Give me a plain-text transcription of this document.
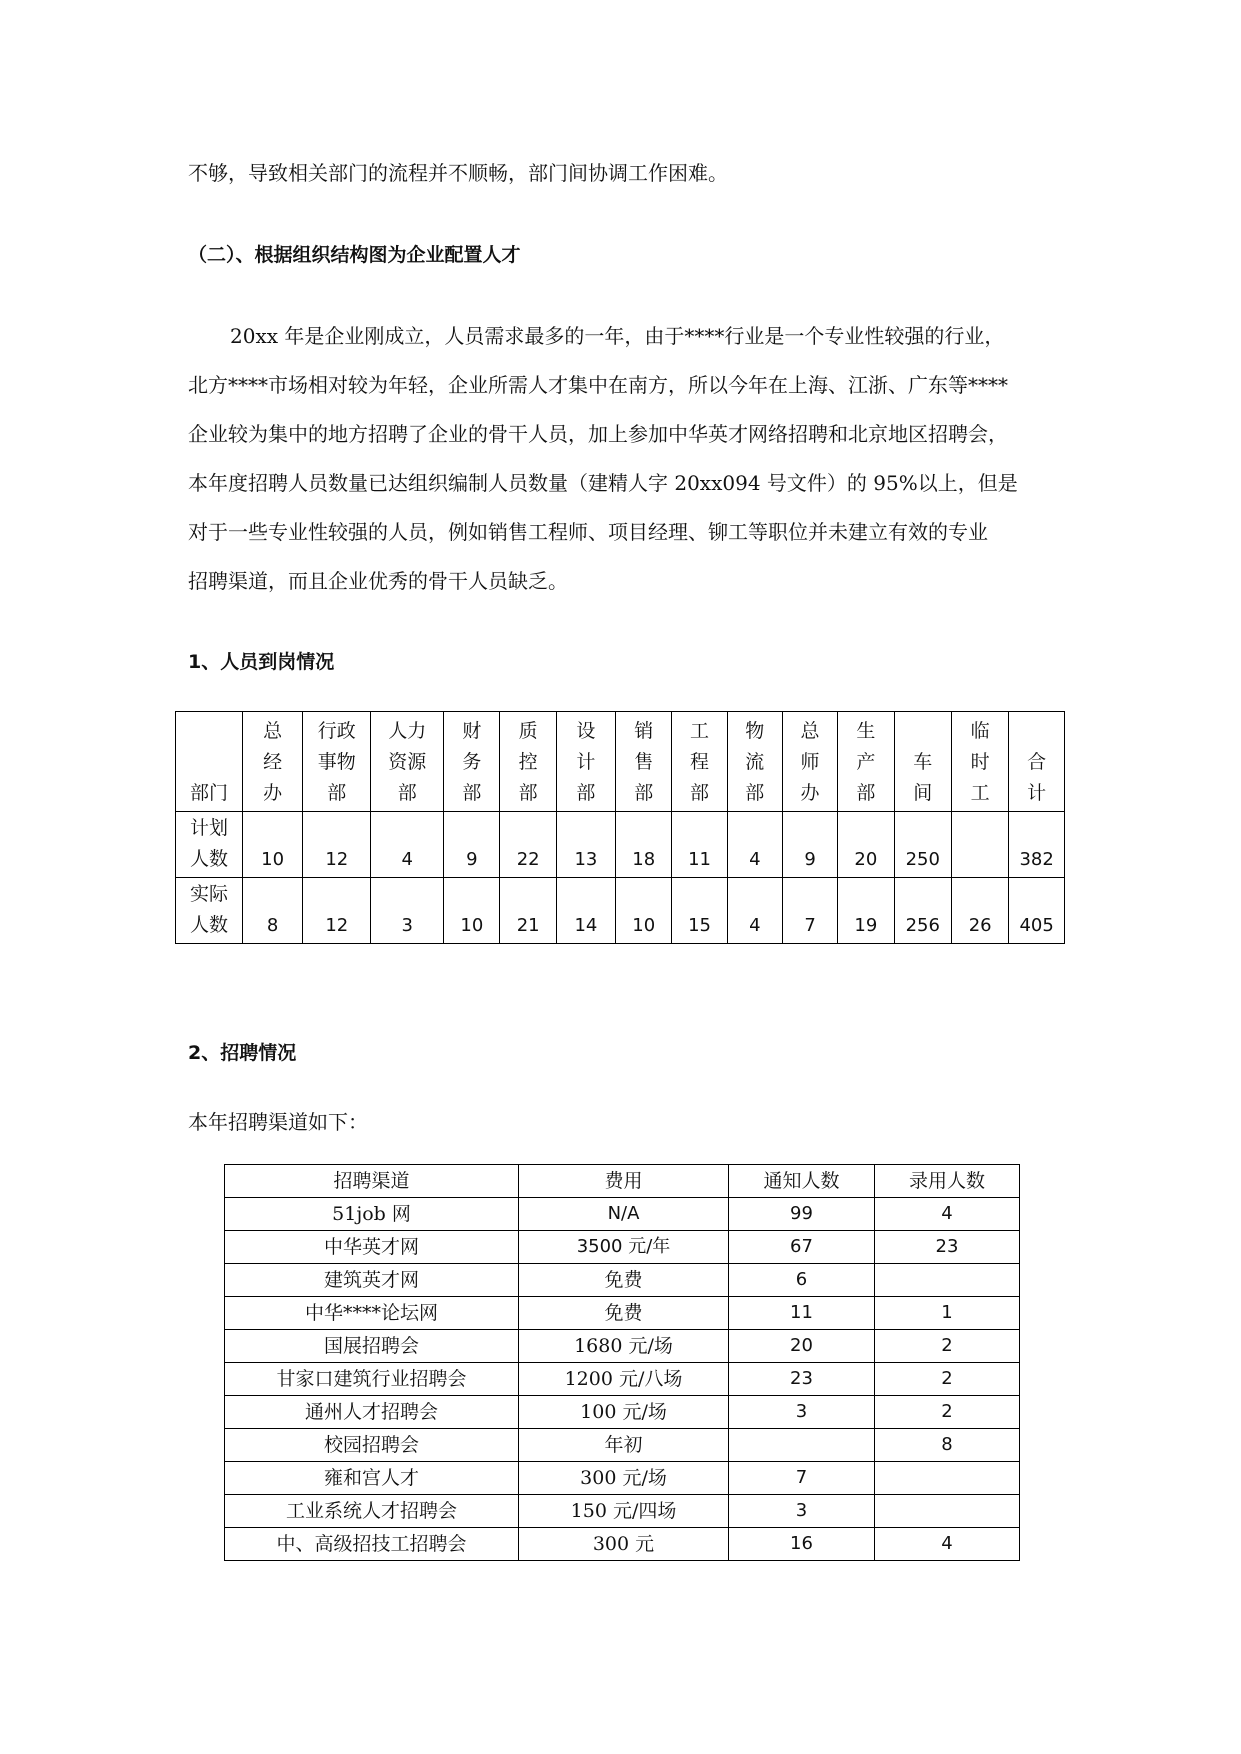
不够，导致相关部门的流程并不顺畅，部门间协调工作困难。
（二）、根据组织结构图为企业配置人才
20xx 年是企业刚成立，人员需求最多的一年，由于****行业是一个专业性较强的行业，
北方****市场相对较为年轻，企业所需人才集中在南方，所以今年在上海、江浙、广东等****
企业较为集中的地方招聘了企业的骨干人员，加上参加中华英才网络招聘和北京地区招聘会，
本年度招聘人员数量已达组织编制人员数量（建精人字 20xx094 号文件）的 95%以上，但是
对于一些专业性较强的人员，例如销售工程师、项目经理、铆工等职位并未建立有效的专业
招聘渠道，而且企业优秀的骨干人员缺乏。
1、人员到岗情况
部门	总
经
办	行政
事物
部	人力
资源
部	财
务
部	质
控
部	设
计
部	销
售
部	工
程
部	物
流
部	总
师
办	生
产
部	车
间	临
时
工	合
计

计划
人数	10	12	4	9	22	13	18	11	4	9	20	250		382

实际
人数	8	12	3	10	21	14	10	15	4	7	19	256	26	405
2、招聘情况
本年招聘渠道如下：
招聘渠道	费用	通知人数	录用人数
51job 网	N/A	99	4
中华英才网	3500 元/年	67	23
建筑英才网	免费	6	
中华****论坛网	免费	11	1
国展招聘会	1680 元/场	20	2
甘家口建筑行业招聘会	1200 元/八场	23	2
通州人才招聘会	100 元/场	3	2
校园招聘会	年初		8
雍和宫人才	300 元/场	7	
工业系统人才招聘会	150 元/四场	3	
中、高级招技工招聘会	300 元	16	4
